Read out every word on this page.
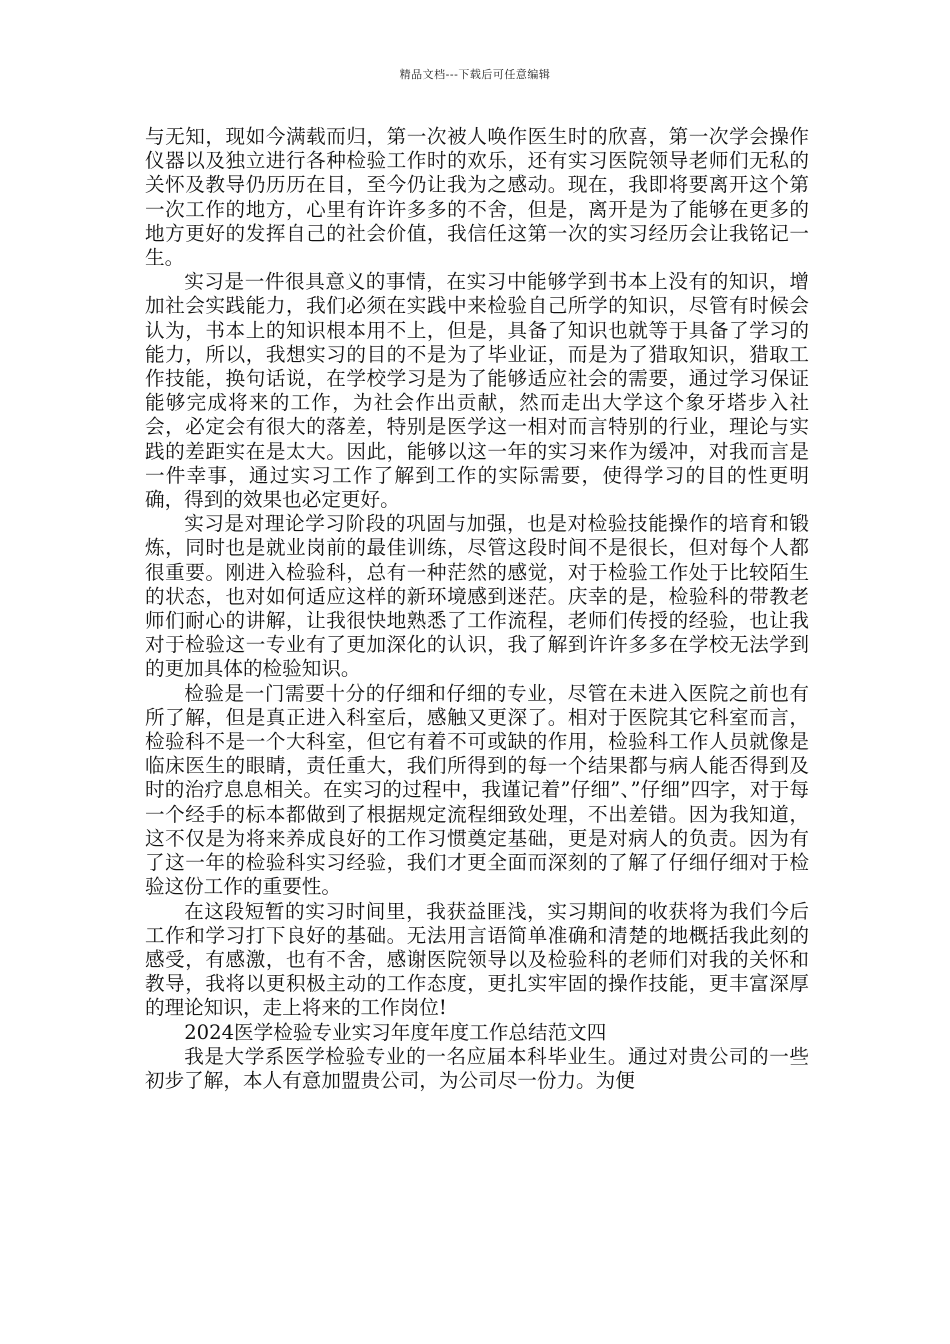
精品文档---下载后可任意编辑

与无知，现如今满载而归，第一次被人唤作医生时的欣喜，第一次学会操作仪器以及独立进行各种检验工作时的欢乐，还有实习医院领导老师们无私的关怀及教导仍历历在目，至今仍让我为之感动。现在，我即将要离开这个第一次工作的地方，心里有许许多多的不舍，但是，离开是为了能够在更多的地方更好的发挥自己的社会价值，我信任这第一次的实习经历会让我铭记一生。

实习是一件很具意义的事情，在实习中能够学到书本上没有的知识，增加社会实践能力，我们必须在实践中来检验自己所学的知识，尽管有时候会认为，书本上的知识根本用不上，但是，具备了知识也就等于具备了学习的能力，所以，我想实习的目的不是为了毕业证，而是为了猎取知识，猎取工作技能，换句话说，在学校学习是为了能够适应社会的需要，通过学习保证能够完成将来的工作，为社会作出贡献，然而走出大学这个象牙塔步入社会，必定会有很大的落差，特别是医学这一相对而言特别的行业，理论与实践的差距实在是太大。因此，能够以这一年的实习来作为缓冲，对我而言是一件幸事，通过实习工作了解到工作的实际需要，使得学习的目的性更明确，得到的效果也必定更好。

实习是对理论学习阶段的巩固与加强，也是对检验技能操作的培育和锻炼，同时也是就业岗前的最佳训练，尽管这段时间不是很长，但对每个人都很重要。刚进入检验科，总有一种茫然的感觉，对于检验工作处于比较陌生的状态，也对如何适应这样的新环境感到迷茫。庆幸的是，检验科的带教老师们耐心的讲解，让我很快地熟悉了工作流程，老师们传授的经验，也让我对于检验这一专业有了更加深化的认识，我了解到许许多多在学校无法学到的更加具体的检验知识。

检验是一门需要十分的仔细和仔细的专业，尽管在未进入医院之前也有所了解，但是真正进入科室后，感触又更深了。相对于医院其它科室而言，检验科不是一个大科室，但它有着不可或缺的作用，检验科工作人员就像是临床医生的眼睛，责任重大，我们所得到的每一个结果都与病人能否得到及时的治疗息息相关。在实习的过程中，我谨记着”仔细”、”仔细”四字，对于每一个经手的标本都做到了根据规定流程细致处理，不出差错。因为我知道，这不仅是为将来养成良好的工作习惯奠定基础，更是对病人的负责。因为有了这一年的检验科实习经验，我们才更全面而深刻的了解了仔细仔细对于检验这份工作的重要性。

在这段短暂的实习时间里，我获益匪浅，实习期间的收获将为我们今后工作和学习打下良好的基础。无法用言语简单准确和清楚的地概括我此刻的感受，有感激，也有不舍，感谢医院领导以及检验科的老师们对我的关怀和教导，我将以更积极主动的工作态度，更扎实牢固的操作技能，更丰富深厚的理论知识，走上将来的工作岗位!

2024医学检验专业实习年度年度工作总结范文四

我是大学系医学检验专业的一名应届本科毕业生。通过对贵公司的一些初步了解，本人有意加盟贵公司，为公司尽一份力。为便
